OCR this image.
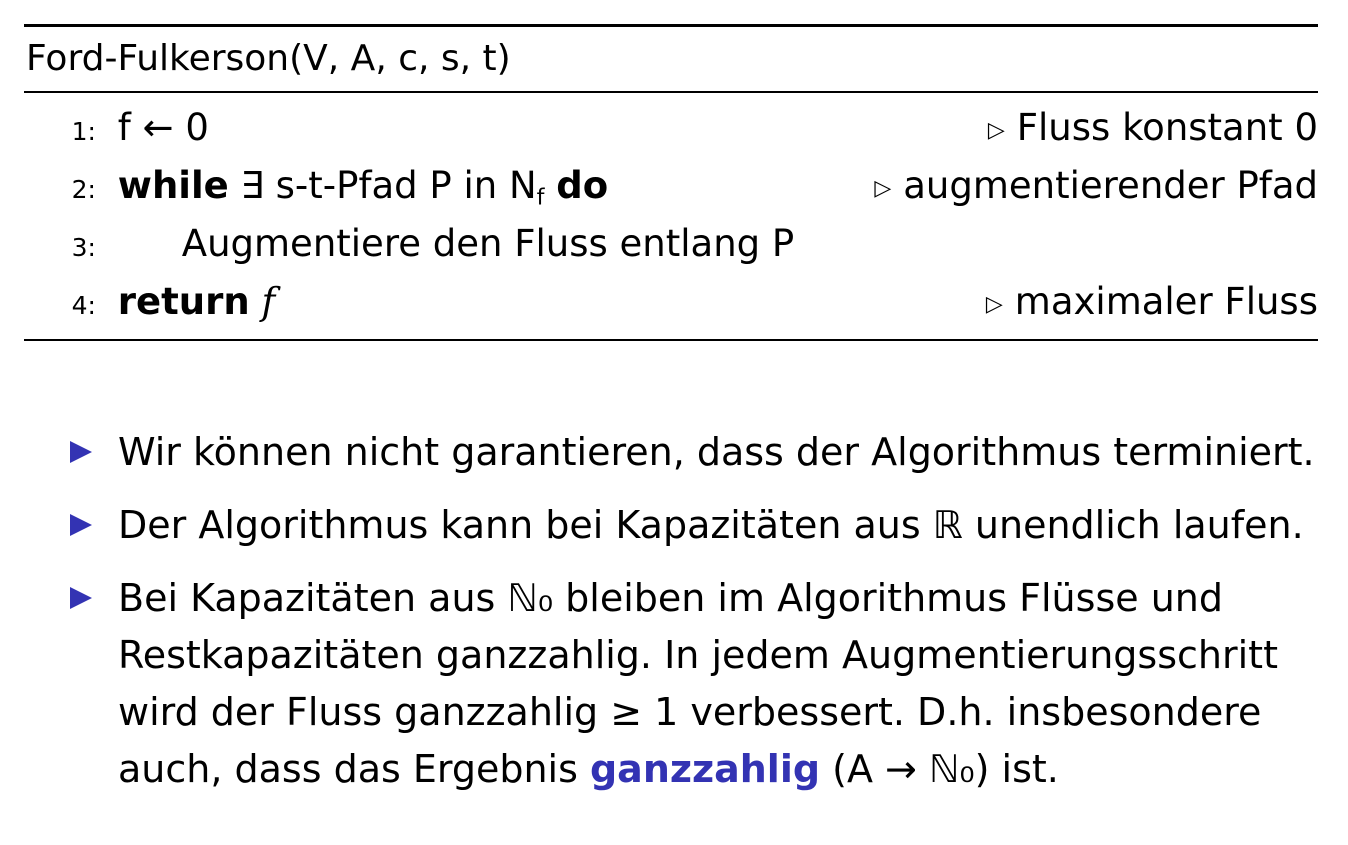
Ford-Fulkerson(V, A, c, s, t)
1: f ← 0	▷ Fluss konstant 0
2: while ∃ s-t-Pfad P in $N_f$ do	▷ augmentierender Pfad
3: Augmentiere den Fluss entlang P
4: return f	▷ maximaler Fluss
Wir können nicht garantieren, dass der Algorithmus terminiert.
Der Algorithmus kann bei Kapazitäten aus ℝ unendlich laufen.
Bei Kapazitäten aus ℕ₀ bleiben im Algorithmus Flüsse und Restkapazitäten ganzzahlig. In jedem Augmentierungsschritt wird der Fluss ganzzahlig ≥ 1 verbessert. D.h. insbesondere auch, dass das Ergebnis ganzzahlig (A → ℕ₀) ist.
